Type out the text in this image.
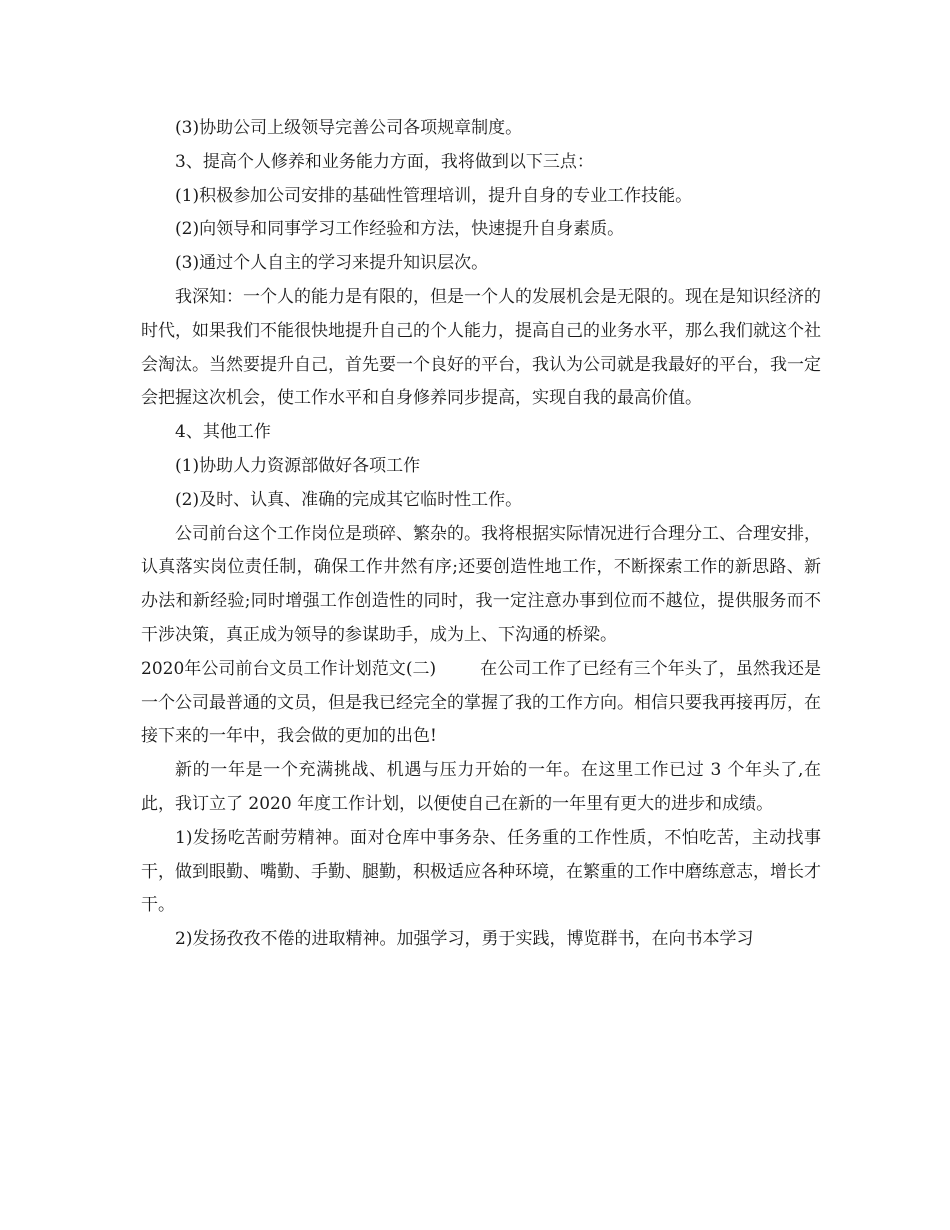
(3)协助公司上级领导完善公司各项规章制度。

3、提高个人修养和业务能力方面，我将做到以下三点：

(1)积极参加公司安排的基础性管理培训，提升自身的专业工作技能。

(2)向领导和同事学习工作经验和方法，快速提升自身素质。

(3)通过个人自主的学习来提升知识层次。

我深知：一个人的能力是有限的，但是一个人的发展机会是无限的。现在是知识经济的时代，如果我们不能很快地提升自己的个人能力，提高自己的业务水平，那么我们就这个社会淘汰。当然要提升自己，首先要一个良好的平台，我认为公司就是我最好的平台，我一定会把握这次机会，使工作水平和自身修养同步提高，实现自我的最高价值。

4、其他工作

(1)协助人力资源部做好各项工作

(2)及时、认真、准确的完成其它临时性工作。

公司前台这个工作岗位是琐碎、繁杂的。我将根据实际情况进行合理分工、合理安排，认真落实岗位责任制，确保工作井然有序;还要创造性地工作，不断探索工作的新思路、新办法和新经验;同时增强工作创造性的同时，我一定注意办事到位而不越位，提供服务而不干涉决策，真正成为领导的参谋助手，成为上、下沟通的桥梁。

2020年公司前台文员工作计划范文(二)	在公司工作了已经有三个年头了，虽然我还是一个公司最普通的文员，但是我已经完全的掌握了我的工作方向。相信只要我再接再厉，在接下来的一年中，我会做的更加的出色!

新的一年是一个充满挑战、机遇与压力开始的一年。在这里工作已过 3 个年头了,在此，我订立了 2020 年度工作计划，以便使自己在新的一年里有更大的进步和成绩。

1)发扬吃苦耐劳精神。面对仓库中事务杂、任务重的工作性质，不怕吃苦，主动找事干，做到眼勤、嘴勤、手勤、腿勤，积极适应各种环境，在繁重的工作中磨练意志，增长才干。

2)发扬孜孜不倦的进取精神。加强学习，勇于实践，博览群书，在向书本学习
